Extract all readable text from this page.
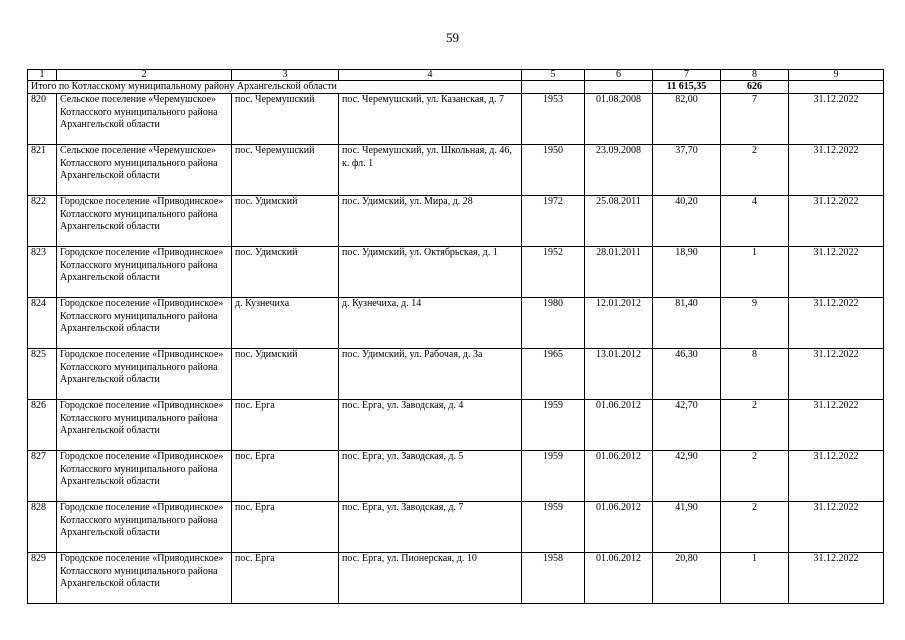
59
1	2	3	4	5	6	7	8	9
Итого по Котласскому муниципальному району Архангельской области						11 615,35	626	
820	Сельское поселение «Черемушское» Котласского муниципального района Архангельской области	пос. Черемушский	пос. Черемушский, ул. Казанская, д. 7	1953	01.08.2008	82,00	7	31.12.2022
821	Сельское поселение «Черемушское» Котласского муниципального района Архангельской области	пос. Черемушский	пос. Черемушский, ул. Школьная, д. 46, к. фл. 1	1950	23.09.2008	37,70	2	31.12.2022
822	Городское поселение «Приводинское» Котласского муниципального района Архангельской области	пос. Удимский	пос. Удимский, ул. Мира, д. 28	1972	25.08.2011	40,20	4	31.12.2022
823	Городское поселение «Приводинское» Котласского муниципального района Архангельской области	пос. Удимский	пос. Удимский, ул. Октябрьская, д. 1	1952	28.01.2011	18,90	1	31.12.2022
824	Городское поселение «Приводинское» Котласского муниципального района Архангельской области	д. Кузнечиха	д. Кузнечиха, д. 14	1980	12.01.2012	81,40	9	31.12.2022
825	Городское поселение «Приводинское» Котласского муниципального района Архангельской области	пос. Удимский	пос. Удимский, ул. Рабочая, д. 3а	1965	13.01.2012	46,30	8	31.12.2022
826	Городское поселение «Приводинское» Котласского муниципального района Архангельской области	пос. Ерга	пос. Ерга, ул. Заводская, д. 4	1959	01.06.2012	42,70	2	31.12.2022
827	Городское поселение «Приводинское» Котласского муниципального района Архангельской области	пос. Ерга	пос. Ерга, ул. Заводская, д. 5	1959	01.06.2012	42,90	2	31.12.2022
828	Городское поселение «Приводинское» Котласского муниципального района Архангельской области	пос. Ерга	пос. Ерга, ул. Заводская, д. 7	1959	01.06.2012	41,90	2	31.12.2022
829	Городское поселение «Приводинское» Котласского муниципального района Архангельской области	пос. Ерга	пос. Ерга, ул. Пионерская, д. 10	1958	01.06.2012	20,80	1	31.12.2022
